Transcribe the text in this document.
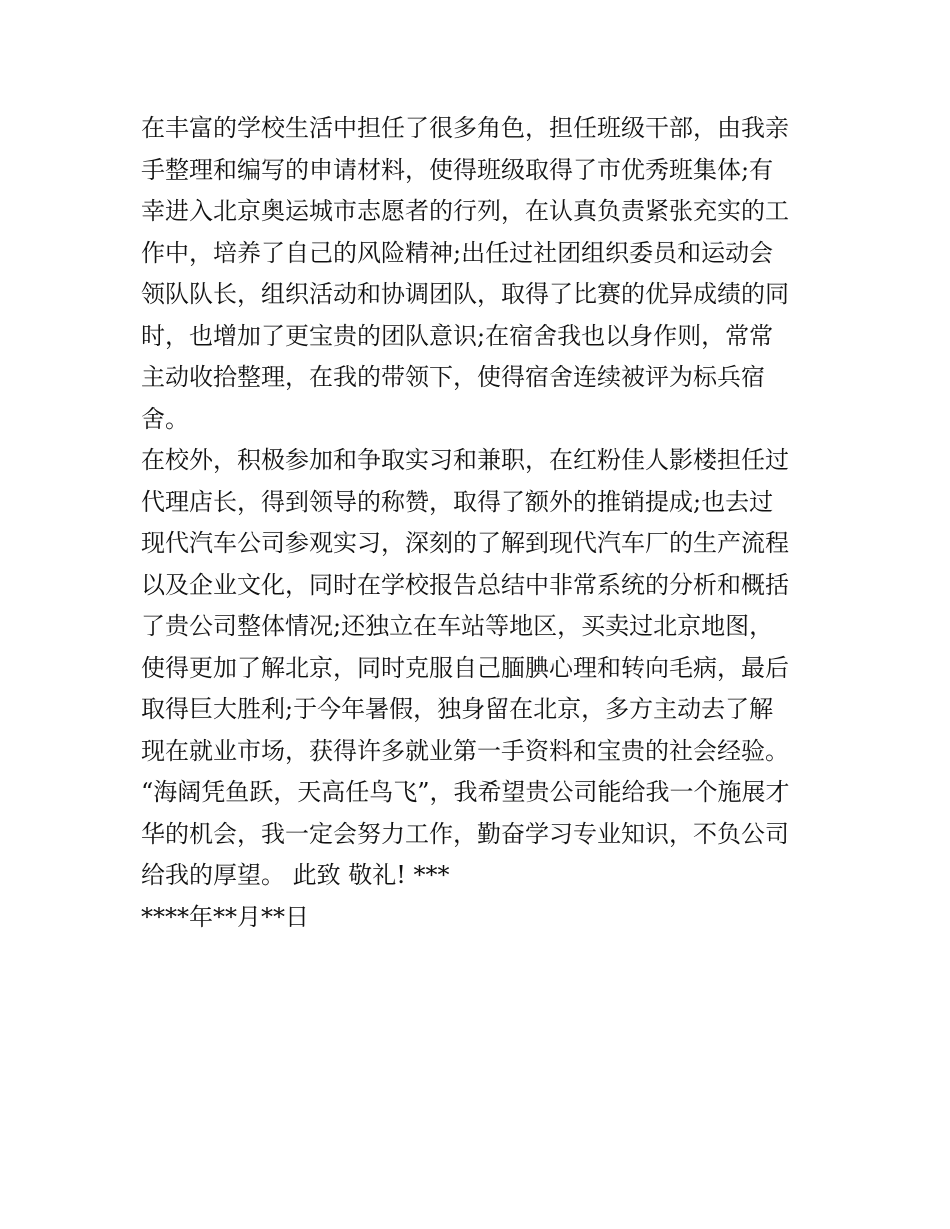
在丰富的学校生活中担任了很多角色，担任班级干部，由我亲
手整理和编写的申请材料，使得班级取得了市优秀班集体;有
幸进入北京奥运城市志愿者的行列，在认真负责紧张充实的工
作中，培养了自己的风险精神;出任过社团组织委员和运动会
领队队长，组织活动和协调团队，取得了比赛的优异成绩的同
时，也增加了更宝贵的团队意识;在宿舍我也以身作则，常常
主动收拾整理，在我的带领下，使得宿舍连续被评为标兵宿
舍。
在校外，积极参加和争取实习和兼职，在红粉佳人影楼担任过
代理店长，得到领导的称赞，取得了额外的推销提成;也去过
现代汽车公司参观实习，深刻的了解到现代汽车厂的生产流程
以及企业文化，同时在学校报告总结中非常系统的分析和概括
了贵公司整体情况;还独立在车站等地区，买卖过北京地图，
使得更加了解北京，同时克服自己腼腆心理和转向毛病，最后
取得巨大胜利;于今年暑假，独身留在北京，多方主动去了解
现在就业市场，获得许多就业第一手资料和宝贵的社会经验。
“海阔凭鱼跃，天高任鸟飞”，我希望贵公司能给我一个施展才
华的机会，我一定会努力工作，勤奋学习专业知识，不负公司
给我的厚望。 此致 敬礼! ***
****年**月**日
